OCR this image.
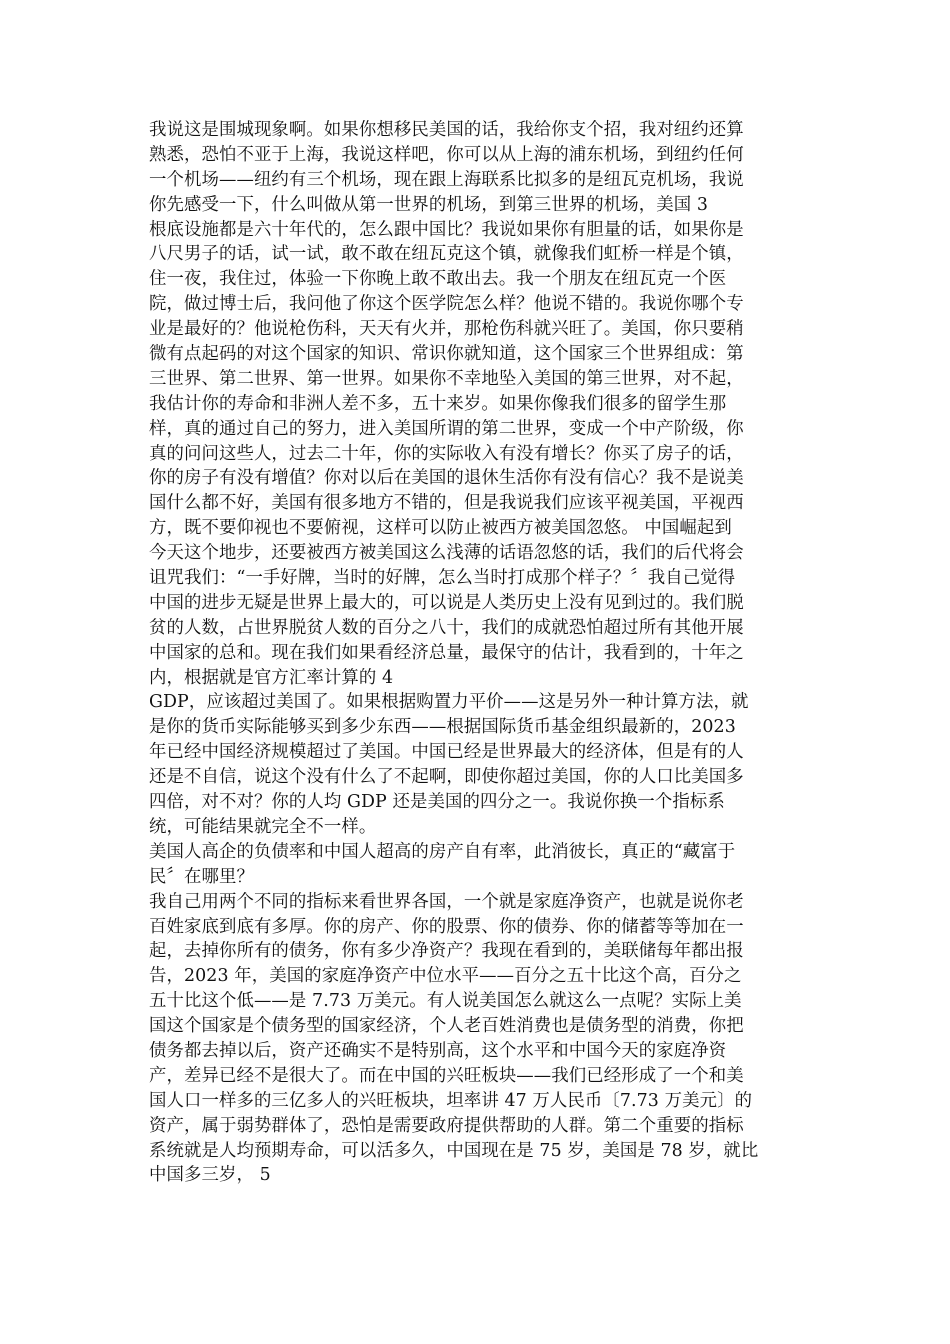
我说这是围城现象啊。如果你想移民美国的话，我给你支个招，我对纽约还算
熟悉，恐怕不亚于上海，我说这样吧，你可以从上海的浦东机场，到纽约任何
一个机场——纽约有三个机场，现在跟上海联系比拟多的是纽瓦克机场，我说
你先感受一下，什么叫做从第一世界的机场，到第三世界的机场，美国 3
根底设施都是六十年代的，怎么跟中国比？我说如果你有胆量的话，如果你是
八尺男子的话，试一试，敢不敢在纽瓦克这个镇，就像我们虹桥一样是个镇，
住一夜，我住过，体验一下你晚上敢不敢出去。我一个朋友在纽瓦克一个医
院，做过博士后，我问他了你这个医学院怎么样？他说不错的。我说你哪个专
业是最好的？他说枪伤科，天天有火并，那枪伤科就兴旺了。美国，你只要稍
微有点起码的对这个国家的知识、常识你就知道，这个国家三个世界组成：第
三世界、第二世界、第一世界。如果你不幸地坠入美国的第三世界，对不起，
我估计你的寿命和非洲人差不多，五十来岁。如果你像我们很多的留学生那
样，真的通过自己的努力，进入美国所谓的第二世界，变成一个中产阶级，你
真的问问这些人，过去二十年，你的实际收入有没有增长？你买了房子的话，
你的房子有没有增值？你对以后在美国的退休生活你有没有信心？我不是说美
国什么都不好，美国有很多地方不错的，但是我说我们应该平视美国，平视西
方，既不要仰视也不要俯视，这样可以防止被西方被美国忽悠。 中国崛起到
今天这个地步，还要被西方被美国这么浅薄的话语忽悠的话，我们的后代将会
诅咒我们：“一手好牌，当时的好牌，怎么当时打成那个样子？〞我自己觉得
中国的进步无疑是世界上最大的，可以说是人类历史上没有见到过的。我们脱
贫的人数，占世界脱贫人数的百分之八十，我们的成就恐怕超过所有其他开展
中国家的总和。现在我们如果看经济总量，最保守的估计，我看到的，十年之
内，根据就是官方汇率计算的 4
GDP，应该超过美国了。如果根据购置力平价——这是另外一种计算方法，就
是你的货币实际能够买到多少东西——根据国际货币基金组织最新的，2023
年已经中国经济规模超过了美国。中国已经是世界最大的经济体，但是有的人
还是不自信，说这个没有什么了不起啊，即使你超过美国，你的人口比美国多
四倍，对不对？你的人均 GDP 还是美国的四分之一。我说你换一个指标系
统，可能结果就完全不一样。
美国人高企的负债率和中国人超高的房产自有率，此消彼长，真正的“藏富于
民〞在哪里？
我自己用两个不同的指标来看世界各国，一个就是家庭净资产，也就是说你老
百姓家底到底有多厚。你的房产、你的股票、你的债券、你的储蓄等等加在一
起，去掉你所有的债务，你有多少净资产？我现在看到的，美联储每年都出报
告，2023 年，美国的家庭净资产中位水平——百分之五十比这个高，百分之
五十比这个低——是 7.73 万美元。有人说美国怎么就这么一点呢？实际上美
国这个国家是个债务型的国家经济，个人老百姓消费也是债务型的消费，你把
债务都去掉以后，资产还确实不是特别高，这个水平和中国今天的家庭净资
产，差异已经不是很大了。而在中国的兴旺板块——我们已经形成了一个和美
国人口一样多的三亿多人的兴旺板块，坦率讲 47 万人民币〔7.73 万美元〕的
资产，属于弱势群体了，恐怕是需要政府提供帮助的人群。第二个重要的指标
系统就是人均预期寿命，可以活多久，中国现在是 75 岁，美国是 78 岁，就比
中国多三岁， 5
